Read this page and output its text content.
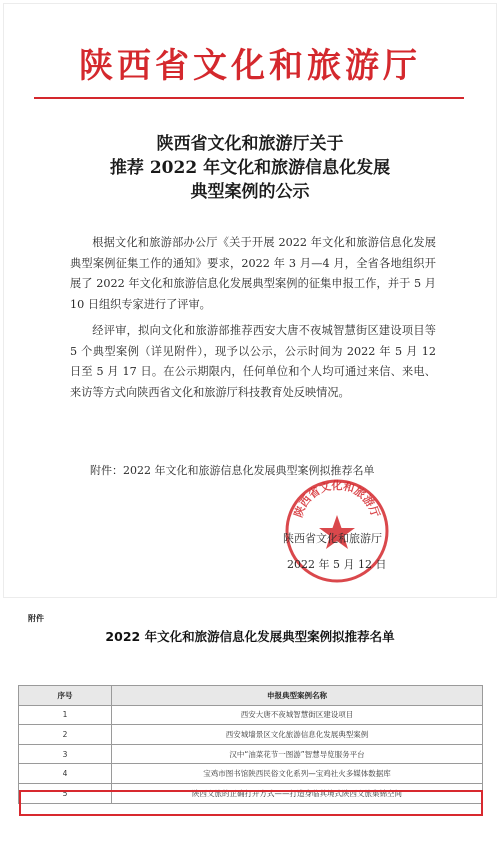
陕西省文化和旅游厅
陕西省文化和旅游厅关于
推荐 2022 年文化和旅游信息化发展
典型案例的公示
根据文化和旅游部办公厅《关于开展 2022 年文化和旅游信息化发展典型案例征集工作的通知》要求，2022 年 3 月—4 月，全省各地组织开展了 2022 年文化和旅游信息化发展典型案例的征集申报工作，并于 5 月 10 日组织专家进行了评审。
经评审，拟向文化和旅游部推荐西安大唐不夜城智慧街区建设项目等 5 个典型案例（详见附件），现予以公示，公示时间为 2022 年 5 月 12 日至 5 月 17 日。在公示期限内，任何单位和个人均可通过来信、来电、来访等方式向陕西省文化和旅游厅科技教育处反映情况。
附件：2022 年文化和旅游信息化发展典型案例拟推荐名单
陕西省文化和旅游厅
陕西省文化和旅游厅
2022 年 5 月 12 日
附件
2022 年文化和旅游信息化发展典型案例拟推荐名单
序号	申报典型案例名称
1	西安大唐不夜城智慧街区建设项目
2	西安城墙景区文化旅游信息化发展典型案例
3	汉中“油菜花节一图游”智慧导览服务平台
4	宝鸡市图书馆陕西民俗文化系列—宝鸡社火多媒体数据库
5	陕西文旅的正确打开方式——打造身临其境式陕西文旅集锦空间
